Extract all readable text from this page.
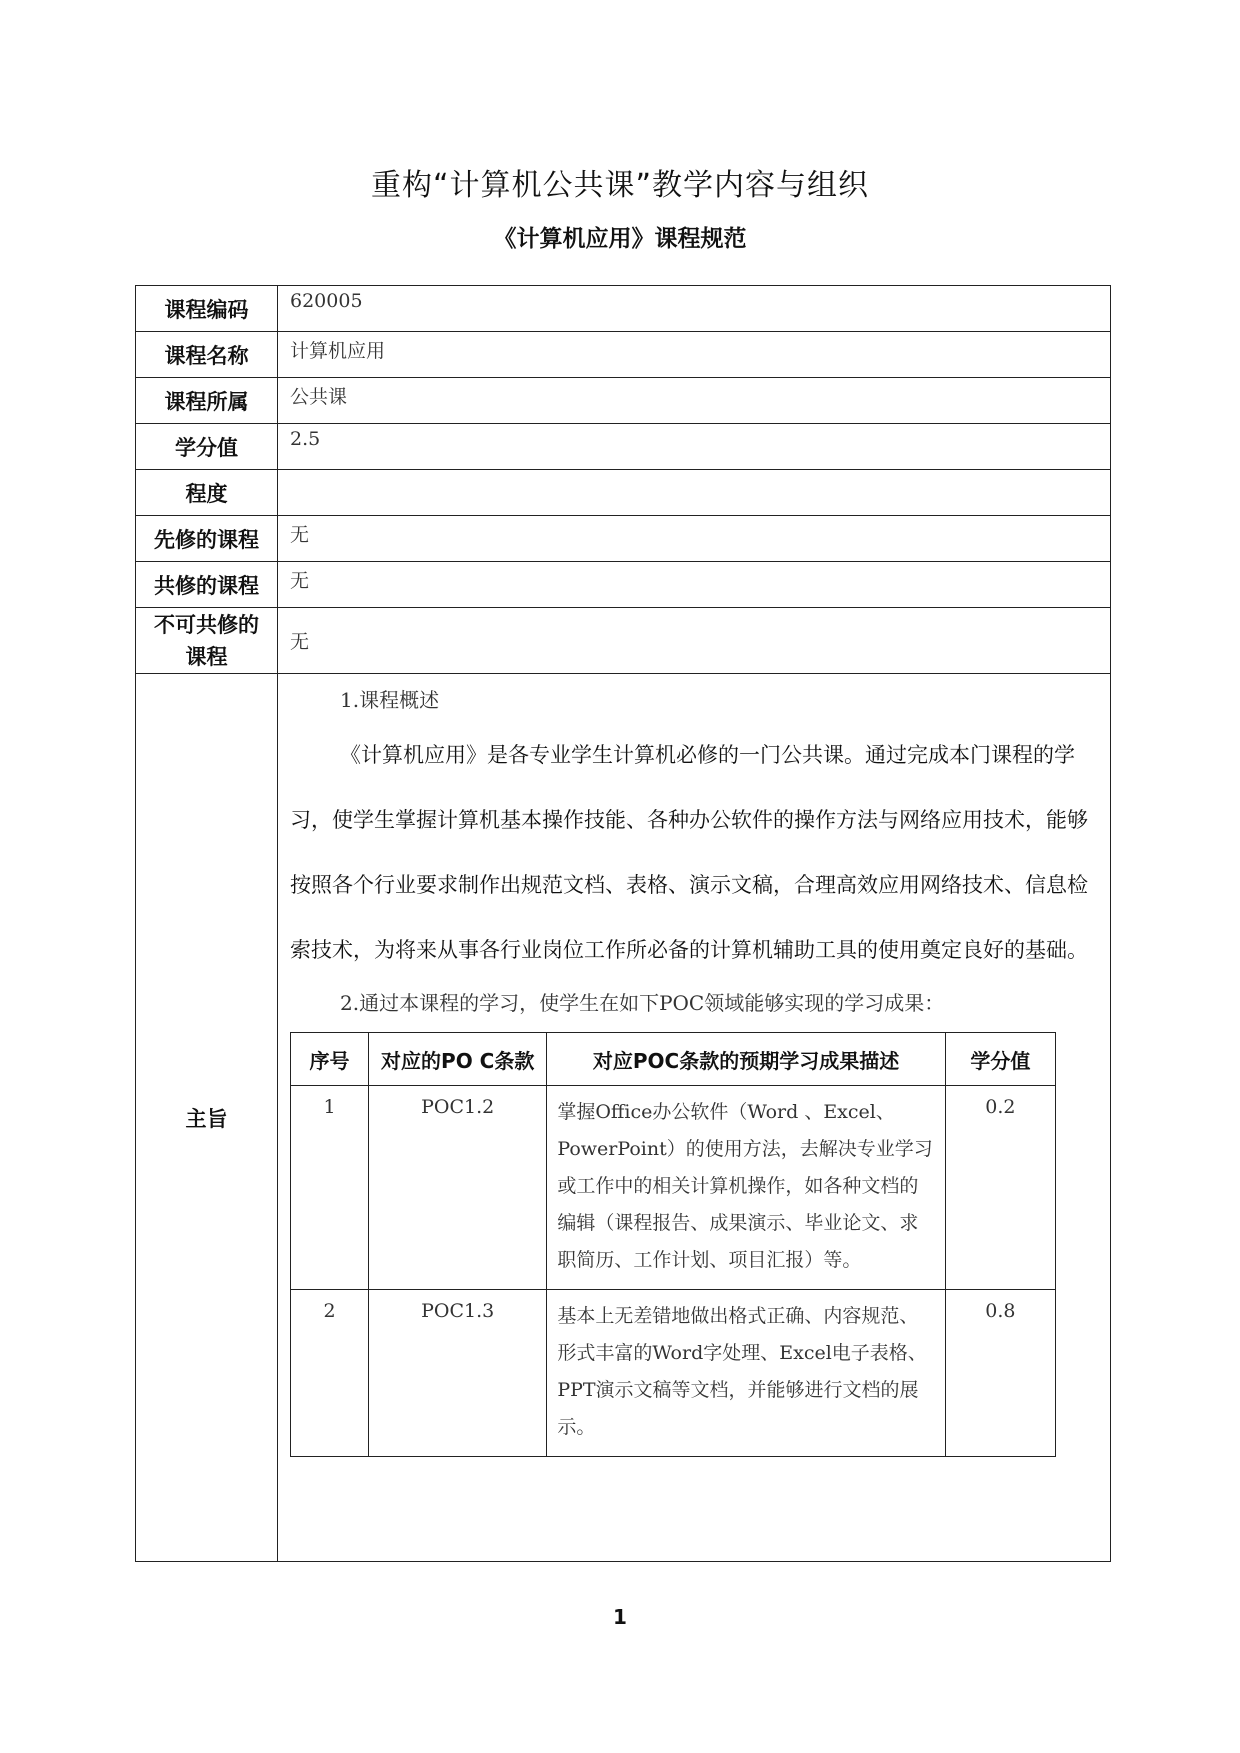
重构“计算机公共课”教学内容与组织
《计算机应用》课程规范
课程编码	620005
课程名称	计算机应用
课程所属	公共课
学分值	2.5
程度	
先修的课程	无
共修的课程	无

不可共修的
课程
	无
主旨	
1.课程概述
《计算机应用》是各专业学生计算机必修的一门公共课。通过完成本门课程的学习，使学生掌握计算机基本操作技能、各种办公软件的操作方法与网络应用技术，能够按照各个行业要求制作出规范文档、表格、演示文稿，合理高效应用网络技术、信息检索技术，为将来从事各行业岗位工作所必备的计算机辅助工具的使用奠定良好的基础。
2.通过本课程的学习，使学生在如下POC领域能够实现的学习成果：
序号	对应的PO C条款	对应POC条款的预期学习成果描述	学分值
1	POC1.2	掌握Office办公软件（Word 、Excel、PowerPoint）的使用方法，去解决专业学习或工作中的相关计算机操作，如各种文档的编辑（课程报告、成果演示、毕业论文、求职简历、工作计划、项目汇报）等。	0.2
2	POC1.3	基本上无差错地做出格式正确、内容规范、形式丰富的Word字处理、Excel电子表格、PPT演示文稿等文档，并能够进行文档的展示。	0.8
1
